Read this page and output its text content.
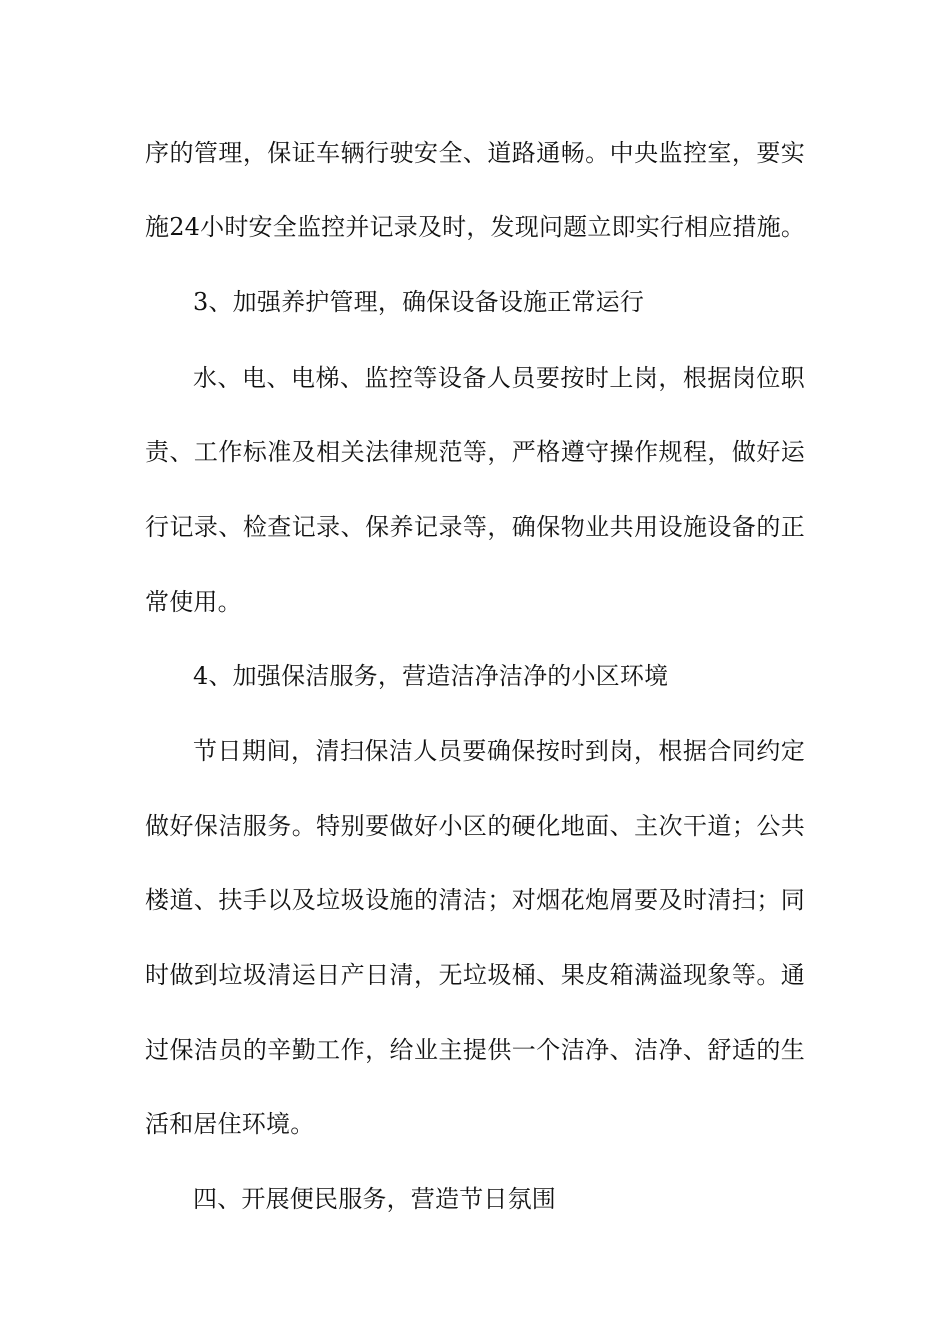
序的管理，保证车辆行驶安全、道路通畅。中央监控室，要实
施24小时安全监控并记录及时，发现问题立即实行相应措施。
3、加强养护管理，确保设备设施正常运行
水、电、电梯、监控等设备人员要按时上岗，根据岗位职
责、工作标准及相关法律规范等，严格遵守操作规程，做好运
行记录、检查记录、保养记录等，确保物业共用设施设备的正
常使用。
4、加强保洁服务，营造洁净洁净的小区环境
节日期间，清扫保洁人员要确保按时到岗，根据合同约定
做好保洁服务。特别要做好小区的硬化地面、主次干道；公共
楼道、扶手以及垃圾设施的清洁；对烟花炮屑要及时清扫；同
时做到垃圾清运日产日清，无垃圾桶、果皮箱满溢现象等。通
过保洁员的辛勤工作，给业主提供一个洁净、洁净、舒适的生
活和居住环境。
四、开展便民服务，营造节日氛围
